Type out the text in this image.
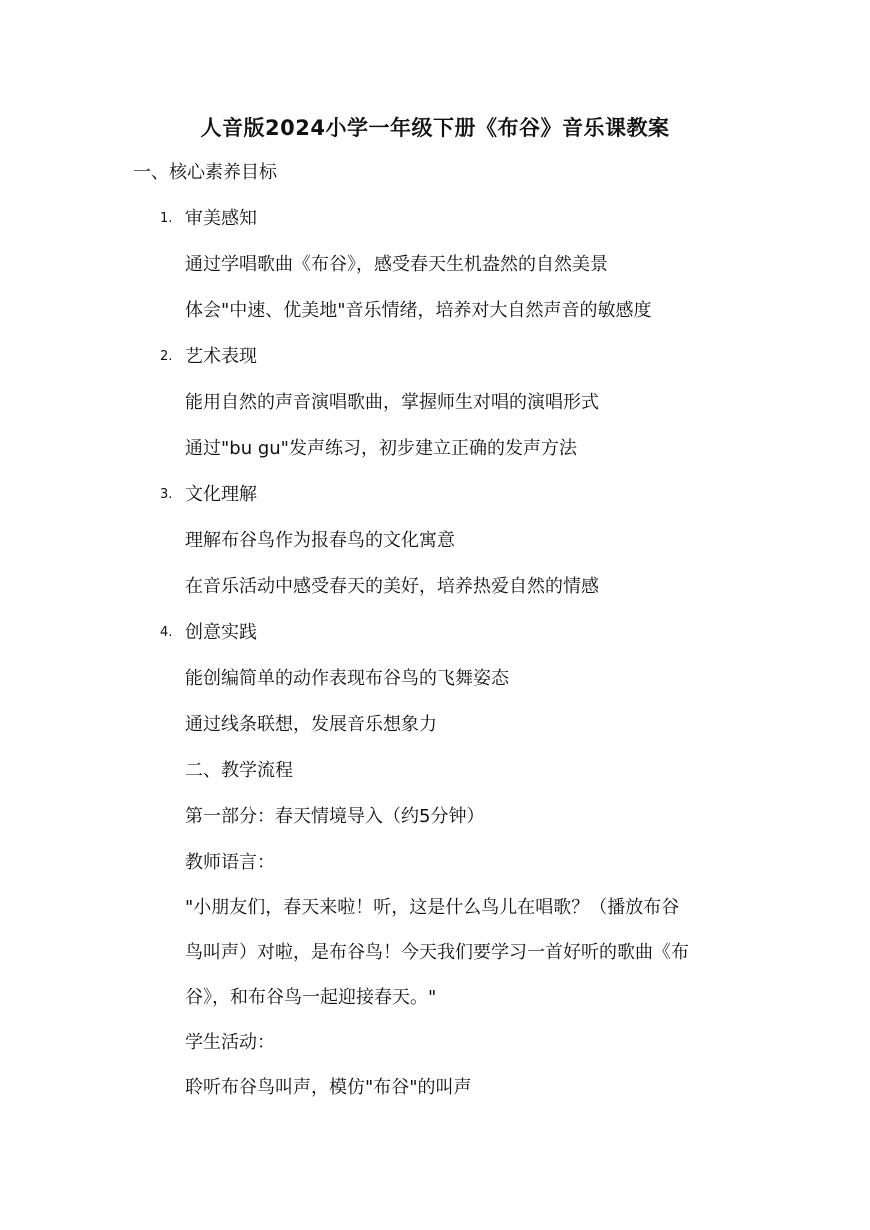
人音版2024小学一年级下册《布谷》音乐课教案
一、核心素养目标
1. 审美感知
通过学唱歌曲《布谷》，感受春天生机盎然的自然美景
体会"中速、优美地"音乐情绪，培养对大自然声音的敏感度
2. 艺术表现
能用自然的声音演唱歌曲，掌握师生对唱的演唱形式
通过"bu gu"发声练习，初步建立正确的发声方法
3. 文化理解
理解布谷鸟作为报春鸟的文化寓意
在音乐活动中感受春天的美好，培养热爱自然的情感
4. 创意实践
能创编简单的动作表现布谷鸟的飞舞姿态
通过线条联想，发展音乐想象力
二、教学流程
第一部分：春天情境导入（约5分钟）
教师语言：
"小朋友们，春天来啦！听，这是什么鸟儿在唱歌？（播放布谷
鸟叫声）对啦，是布谷鸟！今天我们要学习一首好听的歌曲《布
谷》，和布谷鸟一起迎接春天。"
学生活动：
聆听布谷鸟叫声，模仿"布谷"的叫声
